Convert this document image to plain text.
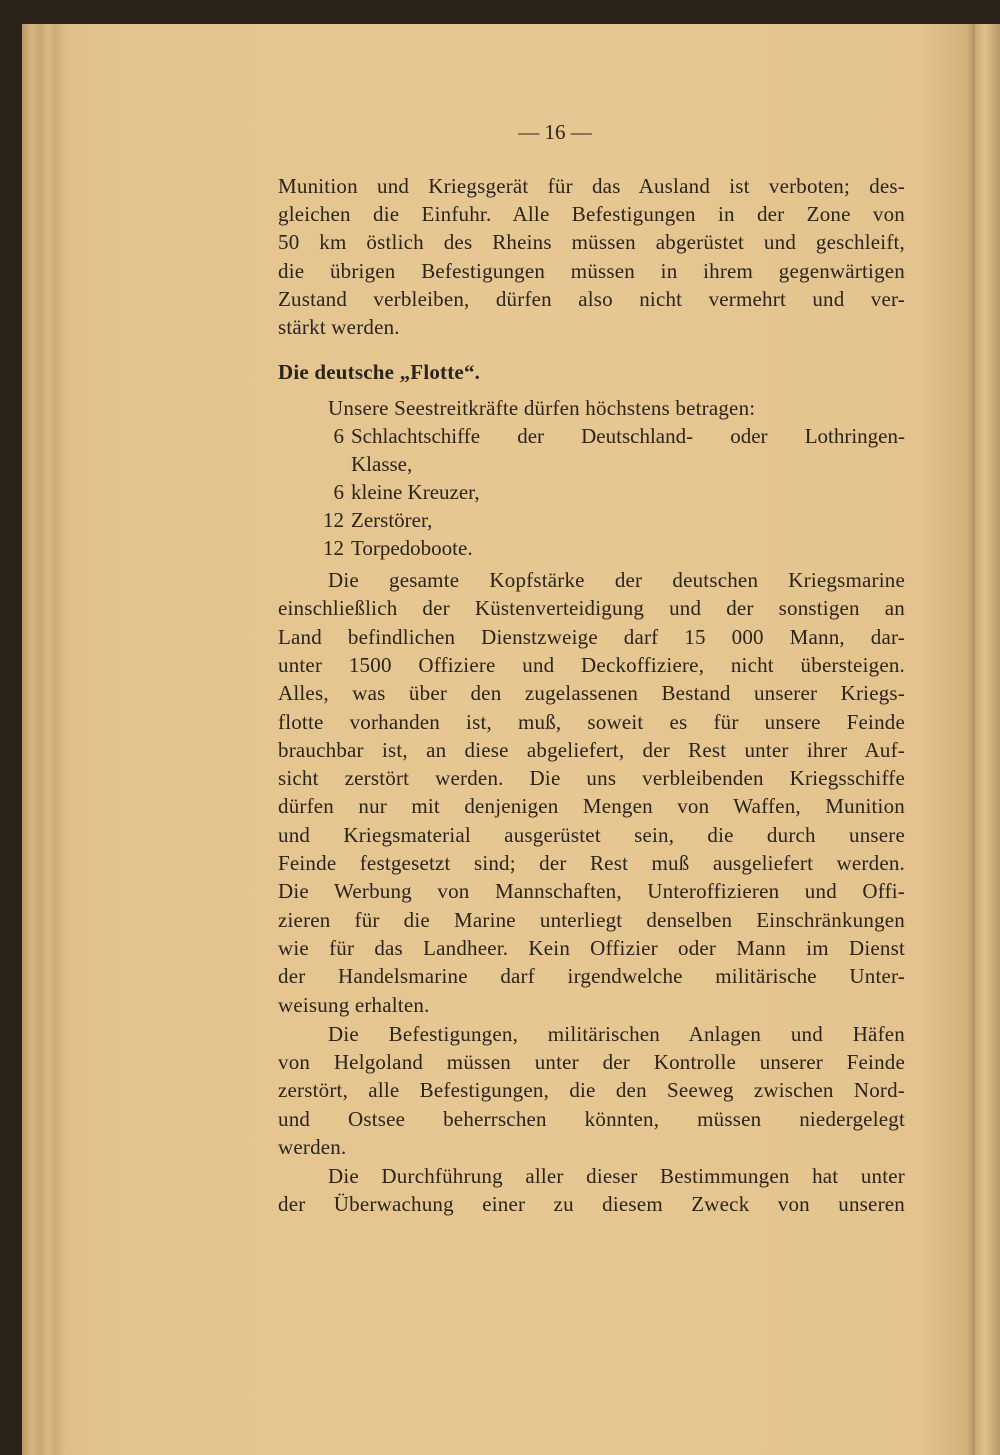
— 16 —
Munition und Kriegsgerät für das Ausland ist verboten; des-
gleichen die Einfuhr. Alle Befestigungen in der Zone von
50 km östlich des Rheins müssen abgerüstet und geschleift,
die übrigen Befestigungen müssen in ihrem gegenwärtigen
Zustand verbleiben, dürfen also nicht vermehrt und ver-
stärkt werden.
Die deutsche „Flotte“.
Unsere Seestreitkräfte dürfen höchstens betragen:
6 Schlachtschiffe der Deutschland- oder Lothringen-
Klasse,
6 kleine Kreuzer,
12 Zerstörer,
12 Torpedoboote.
Die gesamte Kopfstärke der deutschen Kriegsmarine
einschließlich der Küstenverteidigung und der sonstigen an
Land befindlichen Dienstzweige darf 15 000 Mann, dar-
unter 1500 Offiziere und Deckoffiziere, nicht übersteigen.
Alles, was über den zugelassenen Bestand unserer Kriegs-
flotte vorhanden ist, muß, soweit es für unsere Feinde
brauchbar ist, an diese abgeliefert, der Rest unter ihrer Auf-
sicht zerstört werden. Die uns verbleibenden Kriegsschiffe
dürfen nur mit denjenigen Mengen von Waffen, Munition
und Kriegsmaterial ausgerüstet sein, die durch unsere
Feinde festgesetzt sind; der Rest muß ausgeliefert werden.
Die Werbung von Mannschaften, Unteroffizieren und Offi-
zieren für die Marine unterliegt denselben Einschränkungen
wie für das Landheer. Kein Offizier oder Mann im Dienst
der Handelsmarine darf irgendwelche militärische Unter-
weisung erhalten.
Die Befestigungen, militärischen Anlagen und Häfen
von Helgoland müssen unter der Kontrolle unserer Feinde
zerstört, alle Befestigungen, die den Seeweg zwischen Nord-
und Ostsee beherrschen könnten, müssen niedergelegt
werden.
Die Durchführung aller dieser Bestimmungen hat unter
der Überwachung einer zu diesem Zweck von unseren
